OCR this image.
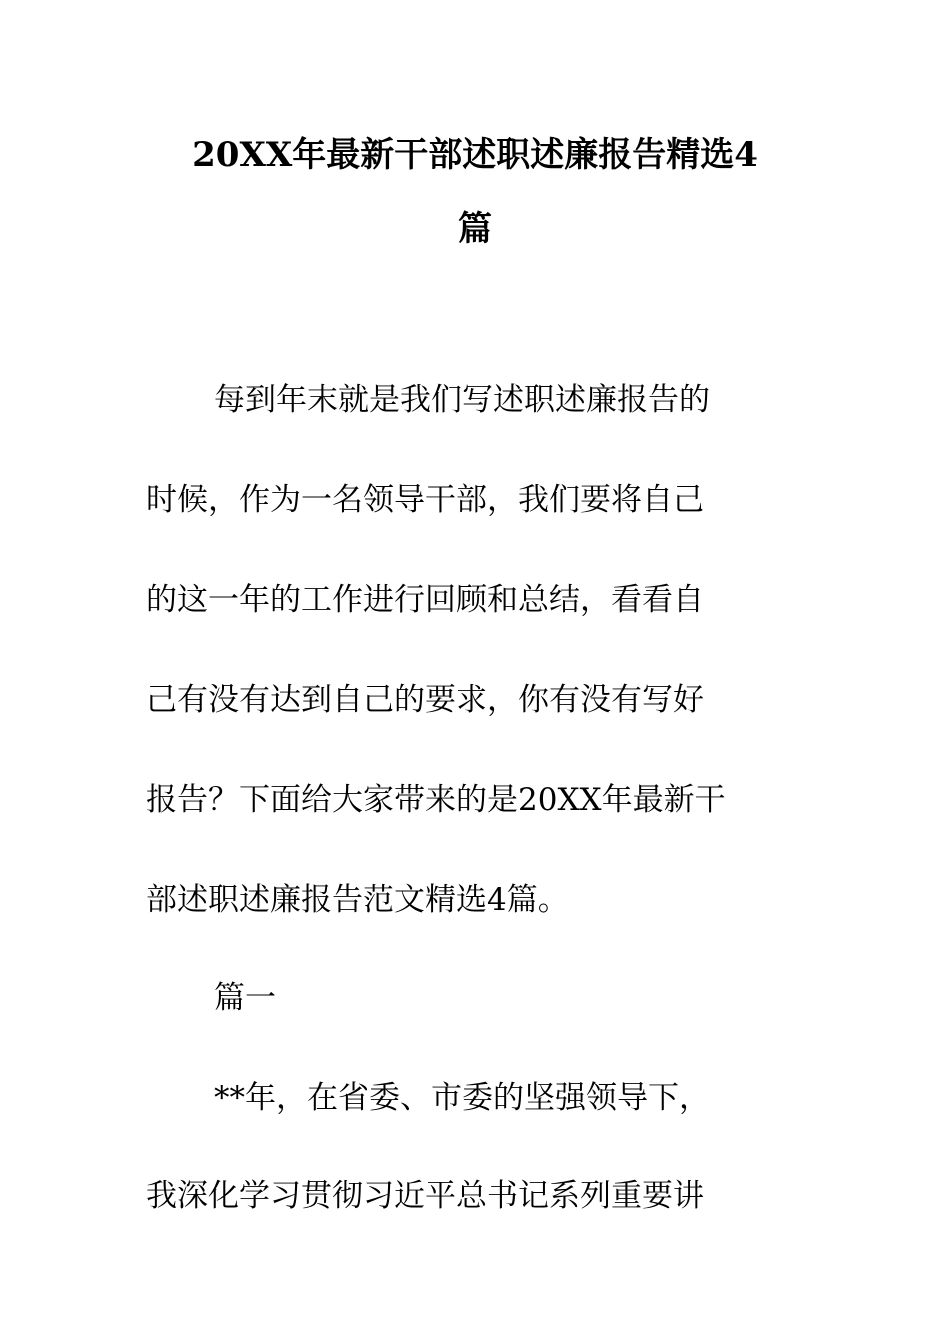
20XX年最新干部述职述廉报告精选4
篇
每到年末就是我们写述职述廉报告的
时候，作为一名领导干部，我们要将自己
的这一年的工作进行回顾和总结，看看自
己有没有达到自己的要求，你有没有写好
报告？下面给大家带来的是20XX年最新干
部述职述廉报告范文精选4篇。
篇一
**年，在省委、市委的坚强领导下，
我深化学习贯彻习近平总书记系列重要讲
